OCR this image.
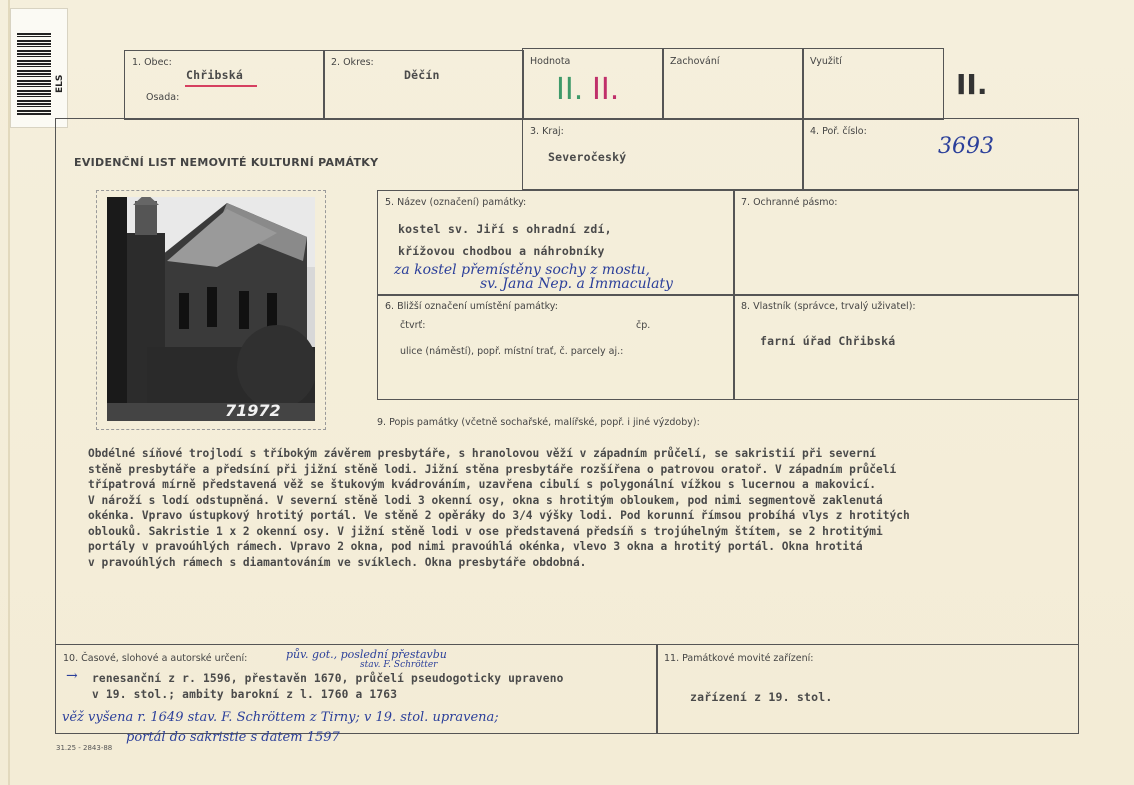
ELS
1. Obec:
Chřibská
Osada:
2. Okres:
Děčín
Hodnota
II. II.
Zachování	Využití
II.
EVIDENČNÍ LIST NEMOVITÉ KULTURNÍ PAMÁTKY
3. Kraj:
Severočeský
4. Poř. číslo:
3693
71972
5. Název (označení) památky:
kostel sv. Jiří s ohradní zdí,
křížovou chodbou a náhrobníky
za kostel přemístěny sochy z mostu,
sv. Jana Nep. a Immaculaty
7. Ochranné pásmo:
6. Bližší označení umístění památky:
čtvrť:	čp.
ulice (náměstí), popř. místní trať, č. parcely aj.:
8. Vlastník (správce, trvalý uživatel):
farní úřad Chřibská
9. Popis památky (včetně sochařské, malířské, popř. i jiné výzdoby):
Obdélné síňové trojlodí s tříbokým závěrem presbytáře, s hranolovou věží v západním průčelí, se sakristií při severní
stěně presbytáře a předsíní při jižní stěně lodi. Jižní stěna presbytáře rozšířena o patrovou oratoř. V západním průčelí
třípatrová mírně představená věž se štukovým kvádrováním, uzavřena cibulí s polygonální vížkou s lucernou a makovicí.
V nároží s lodí odstupněná. V severní stěně lodi 3 okenní osy, okna s hrotitým obloukem, pod nimi segmentově zaklenutá
okénka. Vpravo ústupkový hrotitý portál. Ve stěně 2 opěráky do 3/4 výšky lodi. Pod korunní římsou probíhá vlys z hrotitých
oblouků. Sakristie 1 x 2 okenní osy. V jižní stěně lodi v ose představená předsíň s trojúhelným štítem, se 2 hrotitými
portály v pravoúhlých rámech. Vpravo 2 okna, pod nimi pravoúhlá okénka, vlevo 3 okna a hrotitý portál. Okna hrotitá
v pravoúhlých rámech s diamantováním ve svíklech. Okna presbytáře obdobná.
10. Časové, slohové a autorské určení:	pův. got., poslední přestavbu
stav. F. Schrötter
→ renesanční z r. 1596, přestavěn 1670, průčelí pseudogoticky upraveno
v 19. stol.; ambity barokní z l. 1760 a 1763
věž vyšena r. 1649 stav. F. Schröttem z Tirny; v 19. stol. upravena;
portál do sakristie s datem 1597
11. Památkové movité zařízení:
zařízení z 19. stol.
31.25 - 2843-88
